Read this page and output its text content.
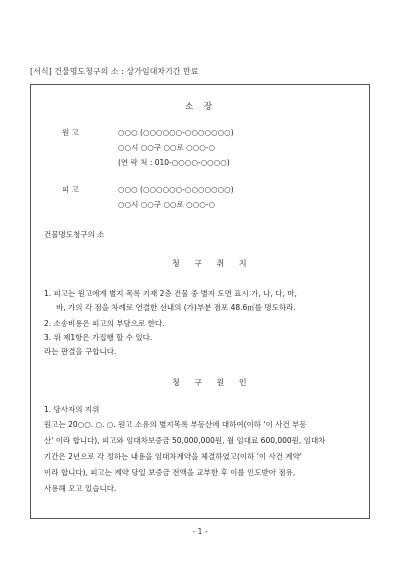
[서식] 건물명도청구의 소 : 상가임대차기간 만료
소 장
원 고	○○○ (○○○○○○-○○○○○○○)
○○시 ○○구 ○○로 ○○○-○
(연 락 처 : 010-○○○○-○○○○)
피 고	○○○ (○○○○○○-○○○○○○○)
○○시 ○○구 ○○로 ○○○-○
건물명도청구의 소
청 구 취 지
1. 피고는 원고에게 별지 목록 기재 2층 건물 중 별지 도면 표시 가, 나, 다, 마,
바, 가의 각 점을 차례로 연결한 선내의 (가)부분 점포 48.6㎡를 명도하라.
2. 소송비용은 피고의 부담으로 한다.
3. 위 제1항은 가집행 할 수 있다.
라는 판결을 구합니다.
청 구 원 인
1. 당사자의 지위
원고는 20○○. ○. ○. 원고 소유의 별지목록 부동산에 대하여(이하 '이 사건 부동
산' 이라 합니다), 피고와 임대차보증금 50,000,000원, 월 임대료 600,000원, 임대차
기간은 2년으로 각 정하는 내용을 임대차계약을 체결하였고(이하 '이 사건 계약'
이라 합니다), 피고는 계약 당일 보증금 전액을 교부한 후 이를 인도받아 점유,
사용해 오고 있습니다.
- 1 -
